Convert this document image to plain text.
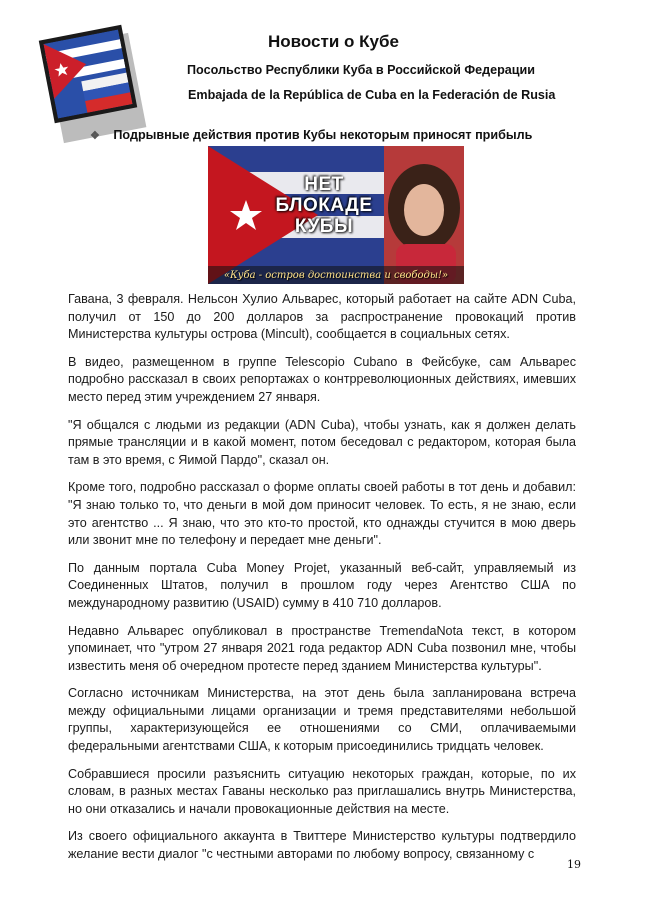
Новости о Кубе
Посольство Республики Куба в Российской Федерации
Embajada de la República de Cuba en la Federación de Rusia
❖ Подрывные действия против Кубы некоторым приносят прибыль
НЕТ БЛОКАДЕ КУБЫ
«Куба - остров достоинства и свободы!»

Гавана, 3 февраля. Нельсон Хулио Альварес, который работает на сайте ADN Cuba, получил от 150 до 200 долларов за распространение провокаций против Министерства культуры острова (Mincult), сообщается в социальных сетях.

В видео, размещенном в группе Telescopio Cubano в Фейсбуке, сам Альварес подробно рассказал в своих репортажах о контрреволюционных действиях, имевших место перед этим учреждением 27 января.

"Я общался с людьми из редакции (ADN Cuba), чтобы узнать, как я должен делать прямые трансляции и в какой момент, потом беседовал с редактором, которая была там в это время, с Яимой Пардо", сказал он.

Кроме того, подробно рассказал о форме оплаты своей работы в тот день и добавил: "Я знаю только то, что деньги в мой дом приносит человек. То есть, я не знаю, если это агентство ... Я знаю, что это кто-то простой, кто однажды стучится в мою дверь или звонит мне по телефону и передает мне деньги".

По данным портала Cuba Money Projet, указанный веб-сайт, управляемый из Соединенных Штатов, получил в прошлом году через Агентство США по международному развитию (USAID) сумму в 410 710 долларов.

Недавно Альварес опубликовал в пространстве TremendaNota текст, в котором упоминает, что "утром 27 января 2021 года редактор ADN Cuba позвонил мне, чтобы известить меня об очередном протесте перед зданием Министерства культуры".

Согласно источникам Министерства, на этот день была запланирована встреча между официальными лицами организации и тремя представителями небольшой группы, характеризующейся ее отношениями со СМИ, оплачиваемыми федеральными агентствами США, к которым присоединились тридцать человек.

Собравшиеся просили разъяснить ситуацию некоторых граждан, которые, по их словам, в разных местах Гаваны несколько раз приглашались внутрь Министерства, но они отказались и начали провокационные действия на месте.

Из своего официального аккаунта в Твиттере Министерство культуры подтвердило желание вести диалог "с честными авторами по любому вопросу, связанному с

19
